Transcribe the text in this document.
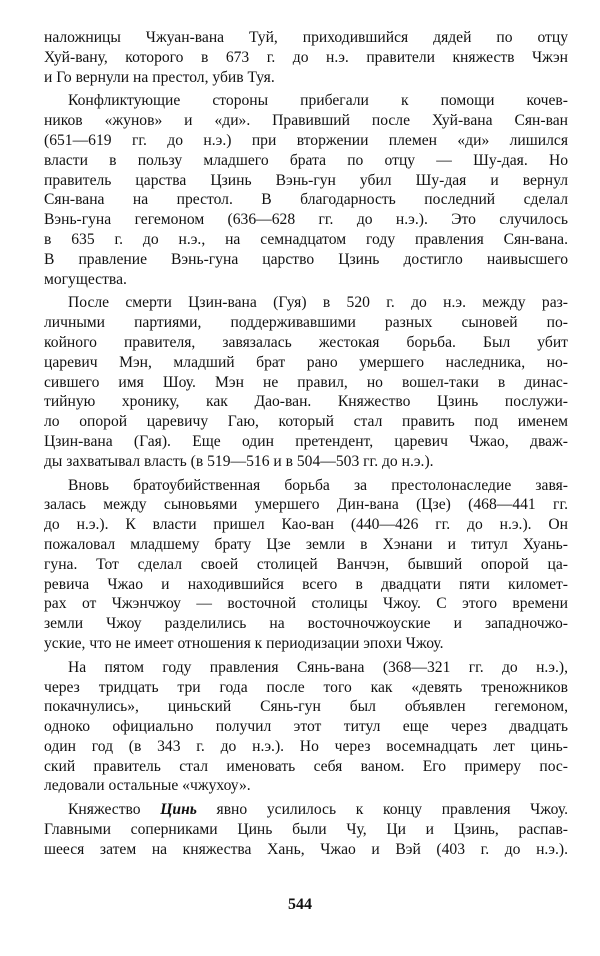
наложницы Чжуан-вана Туй, приходившийся дядей по отцу
Хуй-вану, которого в 673 г. до н.э. правители княжеств Чжэн
и Го вернули на престол, убив Туя.
Конфликтующие стороны прибегали к помощи кочев-
ников «жунов» и «ди». Правивший после Хуй-вана Сян-ван
(651—619 гг. до н.э.) при вторжении племен «ди» лишился
власти в пользу младшего брата по отцу — Шу-дая. Но
правитель царства Цзинь Вэнь-гун убил Шу-дая и вернул
Сян-вана на престол. В благодарность последний сделал
Вэнь-гуна гегемоном (636—628 гг. до н.э.). Это случилось
в 635 г. до н.э., на семнадцатом году правления Сян-вана.
В правление Вэнь-гуна царство Цзинь достигло наивысшего
могущества.
После смерти Цзин-вана (Гуя) в 520 г. до н.э. между раз-
личными партиями, поддерживавшими разных сыновей по-
койного правителя, завязалась жестокая борьба. Был убит
царевич Мэн, младший брат рано умершего наследника, но-
сившего имя Шоу. Мэн не правил, но вошел-таки в динас-
тийную хронику, как Дао-ван. Княжество Цзинь послужи-
ло опорой царевичу Гаю, который стал править под именем
Цзин-вана (Гая). Еще один претендент, царевич Чжао, дваж-
ды захватывал власть (в 519—516 и в 504—503 гг. до н.э.).
Вновь братоубийственная борьба за престолонаследие завя-
залась между сыновьями умершего Дин-вана (Цзе) (468—441 гг.
до н.э.). К власти пришел Као-ван (440—426 гг. до н.э.). Он
пожаловал младшему брату Цзе земли в Хэнани и титул Хуань-
гуна. Тот сделал своей столицей Ванчэн, бывший опорой ца-
ревича Чжао и находившийся всего в двадцати пяти километ-
рах от Чжэнчжоу — восточной столицы Чжоу. С этого времени
земли Чжоу разделились на восточночжоуские и западночжо-
уские, что не имеет отношения к периодизации эпохи Чжоу.
На пятом году правления Сянь-вана (368—321 гг. до н.э.),
через тридцать три года после того как «девять треножников
покачнулись», циньский Сянь-гун был объявлен гегемоном,
одноко официально получил этот титул еще через двадцать
один год (в 343 г. до н.э.). Но через восемнадцать лет цинь-
ский правитель стал именовать себя ваном. Его примеру пос-
ледовали остальные «чжухоу».
Княжество Цинь явно усилилось к концу правления Чжоу.
Главными соперниками Цинь были Чу, Ци и Цзинь, распав-
шееся затем на княжества Хань, Чжао и Вэй (403 г. до н.э.).
544
